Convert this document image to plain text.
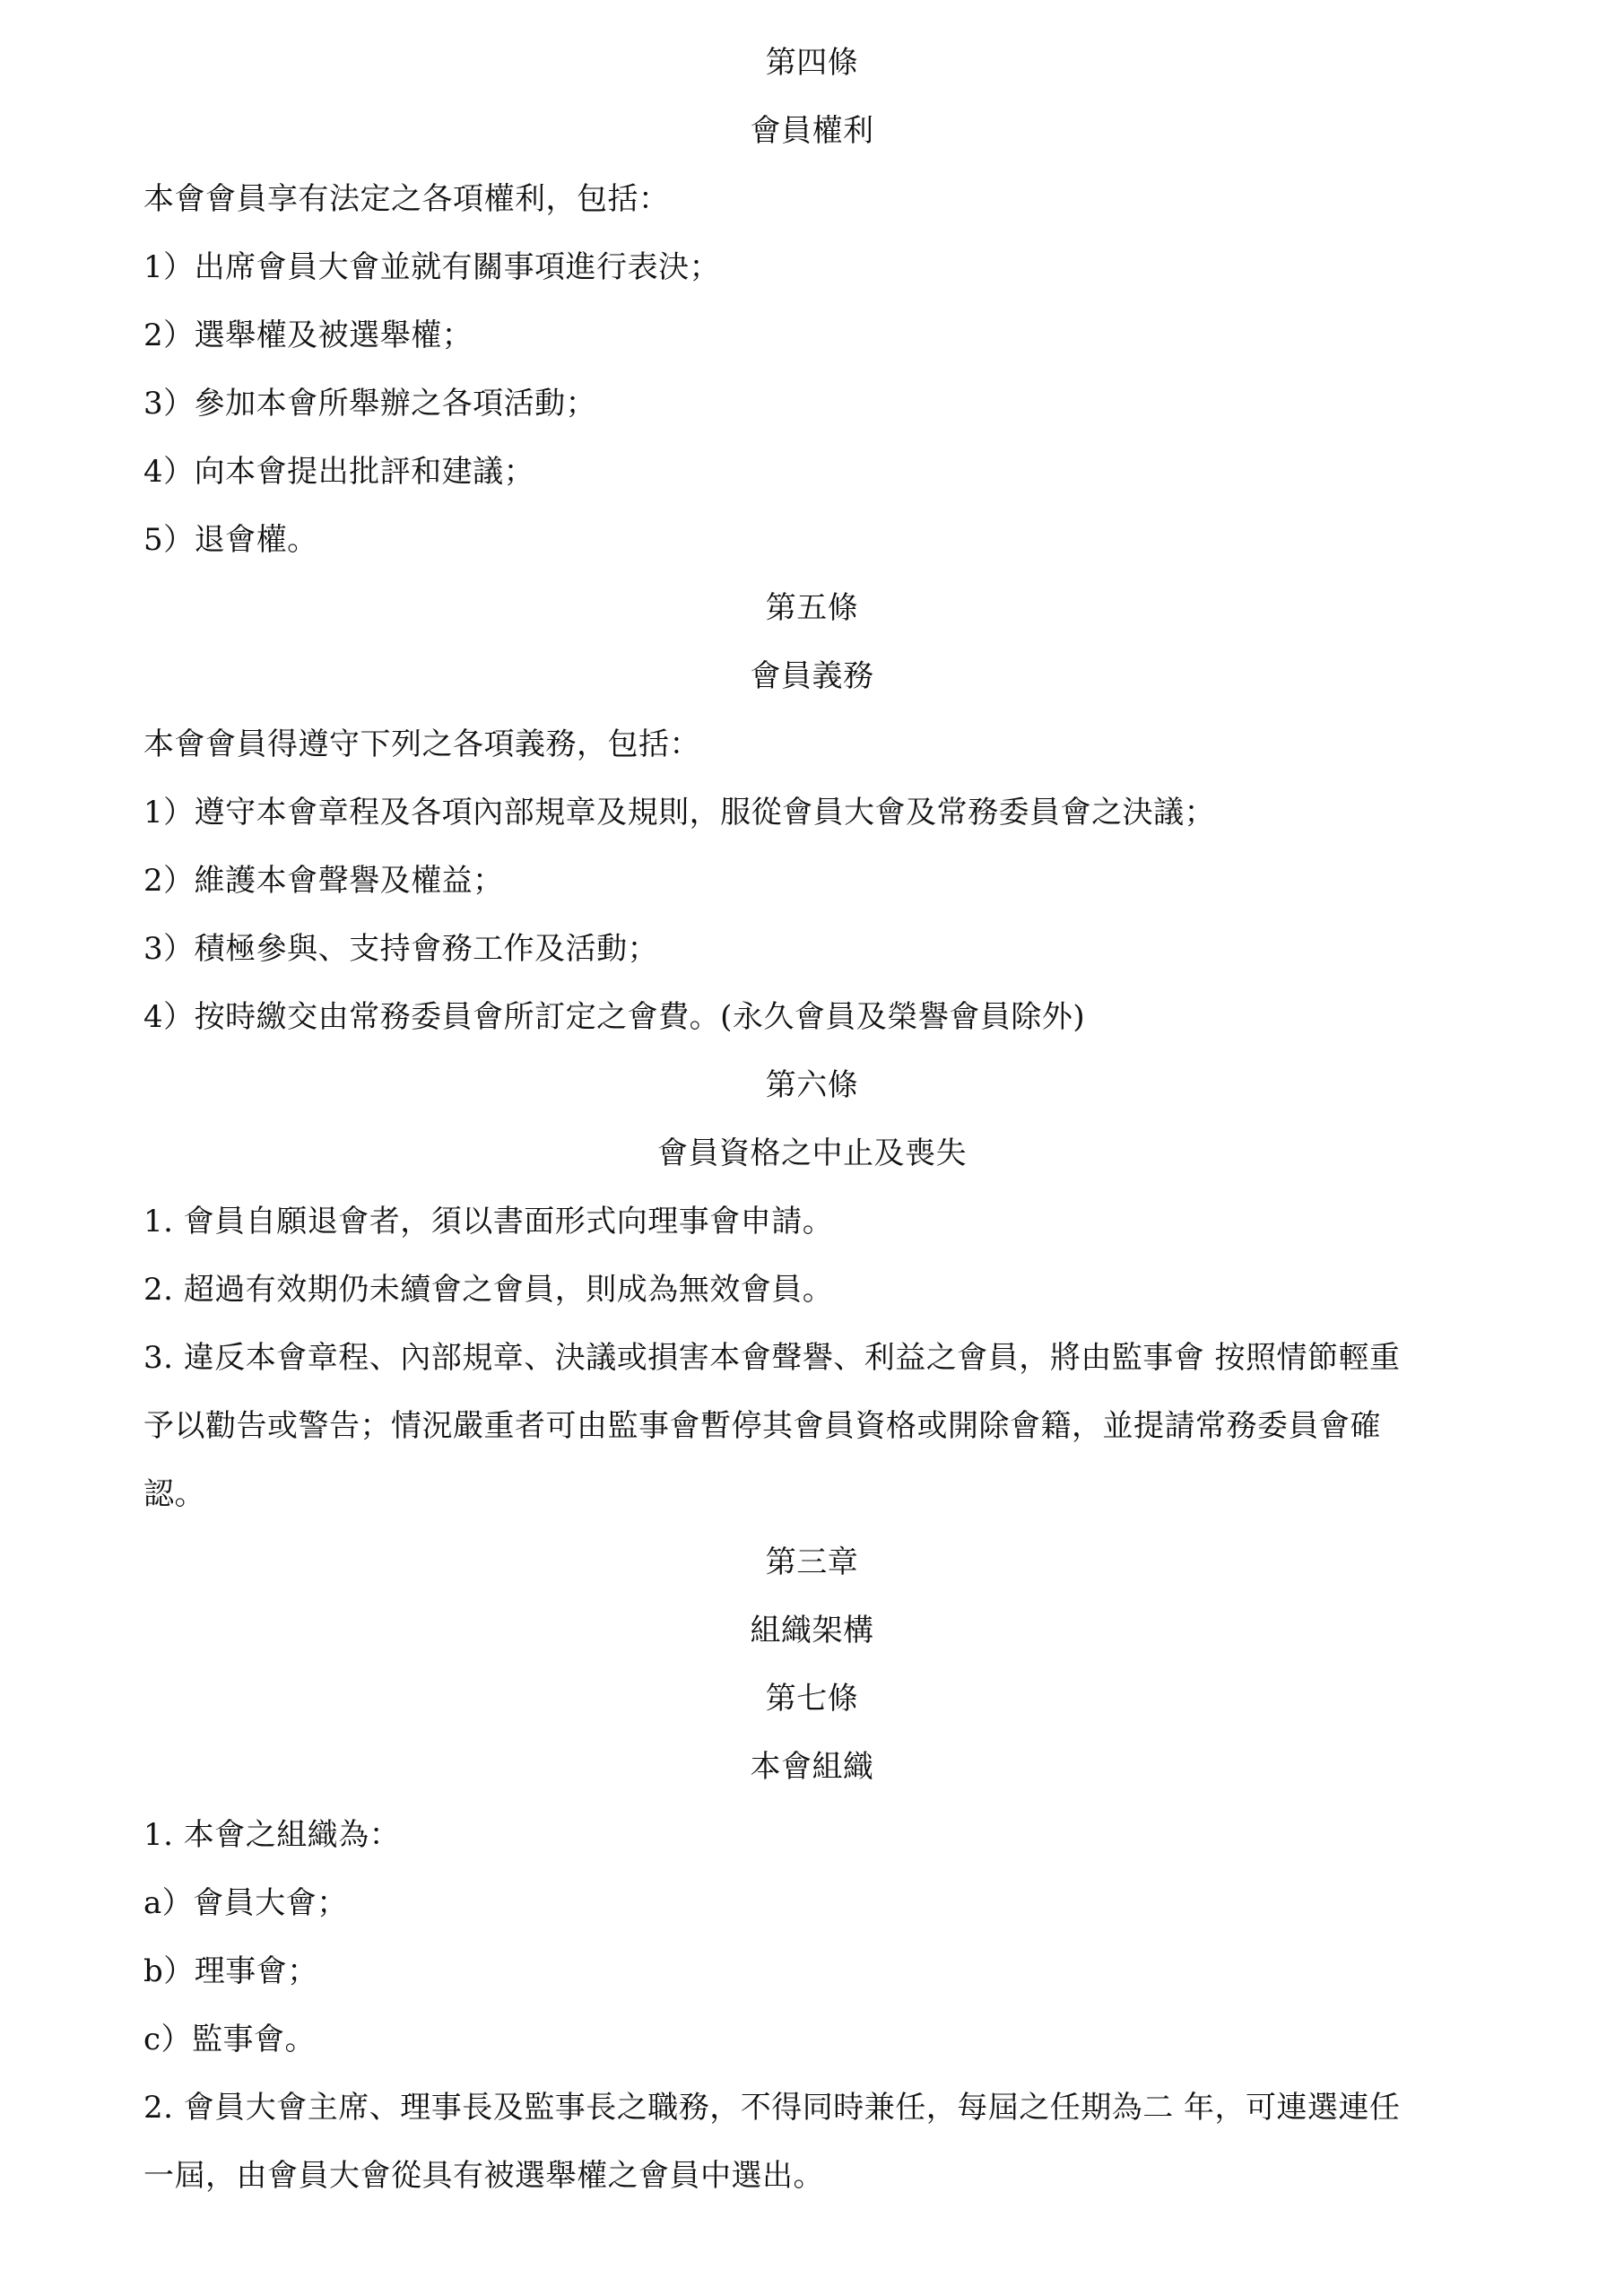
第四條
會員權利
本會會員享有法定之各項權利，包括：
1）出席會員大會並就有關事項進行表決；
2）選舉權及被選舉權；
3）參加本會所舉辦之各項活動；
4）向本會提出批評和建議；
5）退會權。
第五條
會員義務
本會會員得遵守下列之各項義務，包括：
1）遵守本會章程及各項內部規章及規則，服從會員大會及常務委員會之決議；
2）維護本會聲譽及權益；
3）積極參與、支持會務工作及活動；
4）按時繳交由常務委員會所訂定之會費。(永久會員及榮譽會員除外)
第六條
會員資格之中止及喪失
1. 會員自願退會者，須以書面形式向理事會申請。
2. 超過有效期仍未續會之會員，則成為無效會員。
3. 違反本會章程、內部規章、決議或損害本會聲譽、利益之會員，將由監事會 按照情節輕重
予以勸告或警告；情況嚴重者可由監事會暫停其會員資格或開除會籍，並提請常務委員會確
認。
第三章
組織架構
第七條
本會組織
1. 本會之組織為：
a）會員大會；
b）理事會；
c）監事會。
2. 會員大會主席、理事長及監事長之職務，不得同時兼任，每屆之任期為二 年，可連選連任
一屆，由會員大會從具有被選舉權之會員中選出。
